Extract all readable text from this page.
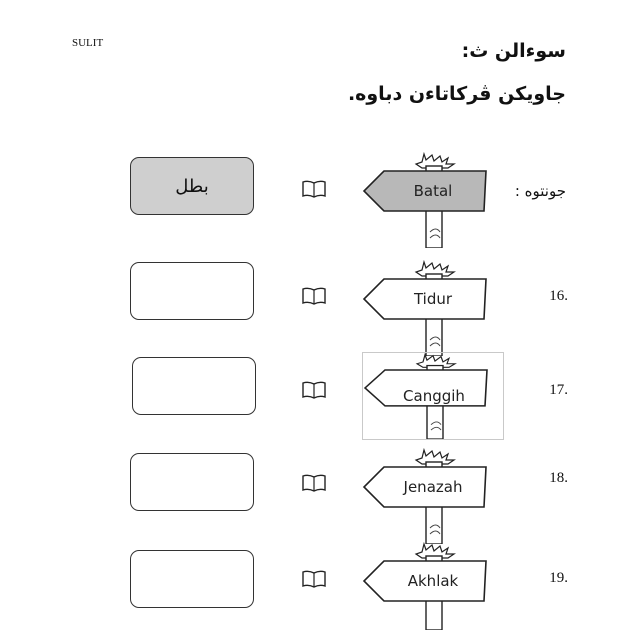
SULIT	سوءالن ث:
جاويكن ڤركاتاءن دباوه.
بطل	Batal	جونتوه :
Tidur	16.
Canggih	17.
Jenazah	18.
Akhlak	19.
